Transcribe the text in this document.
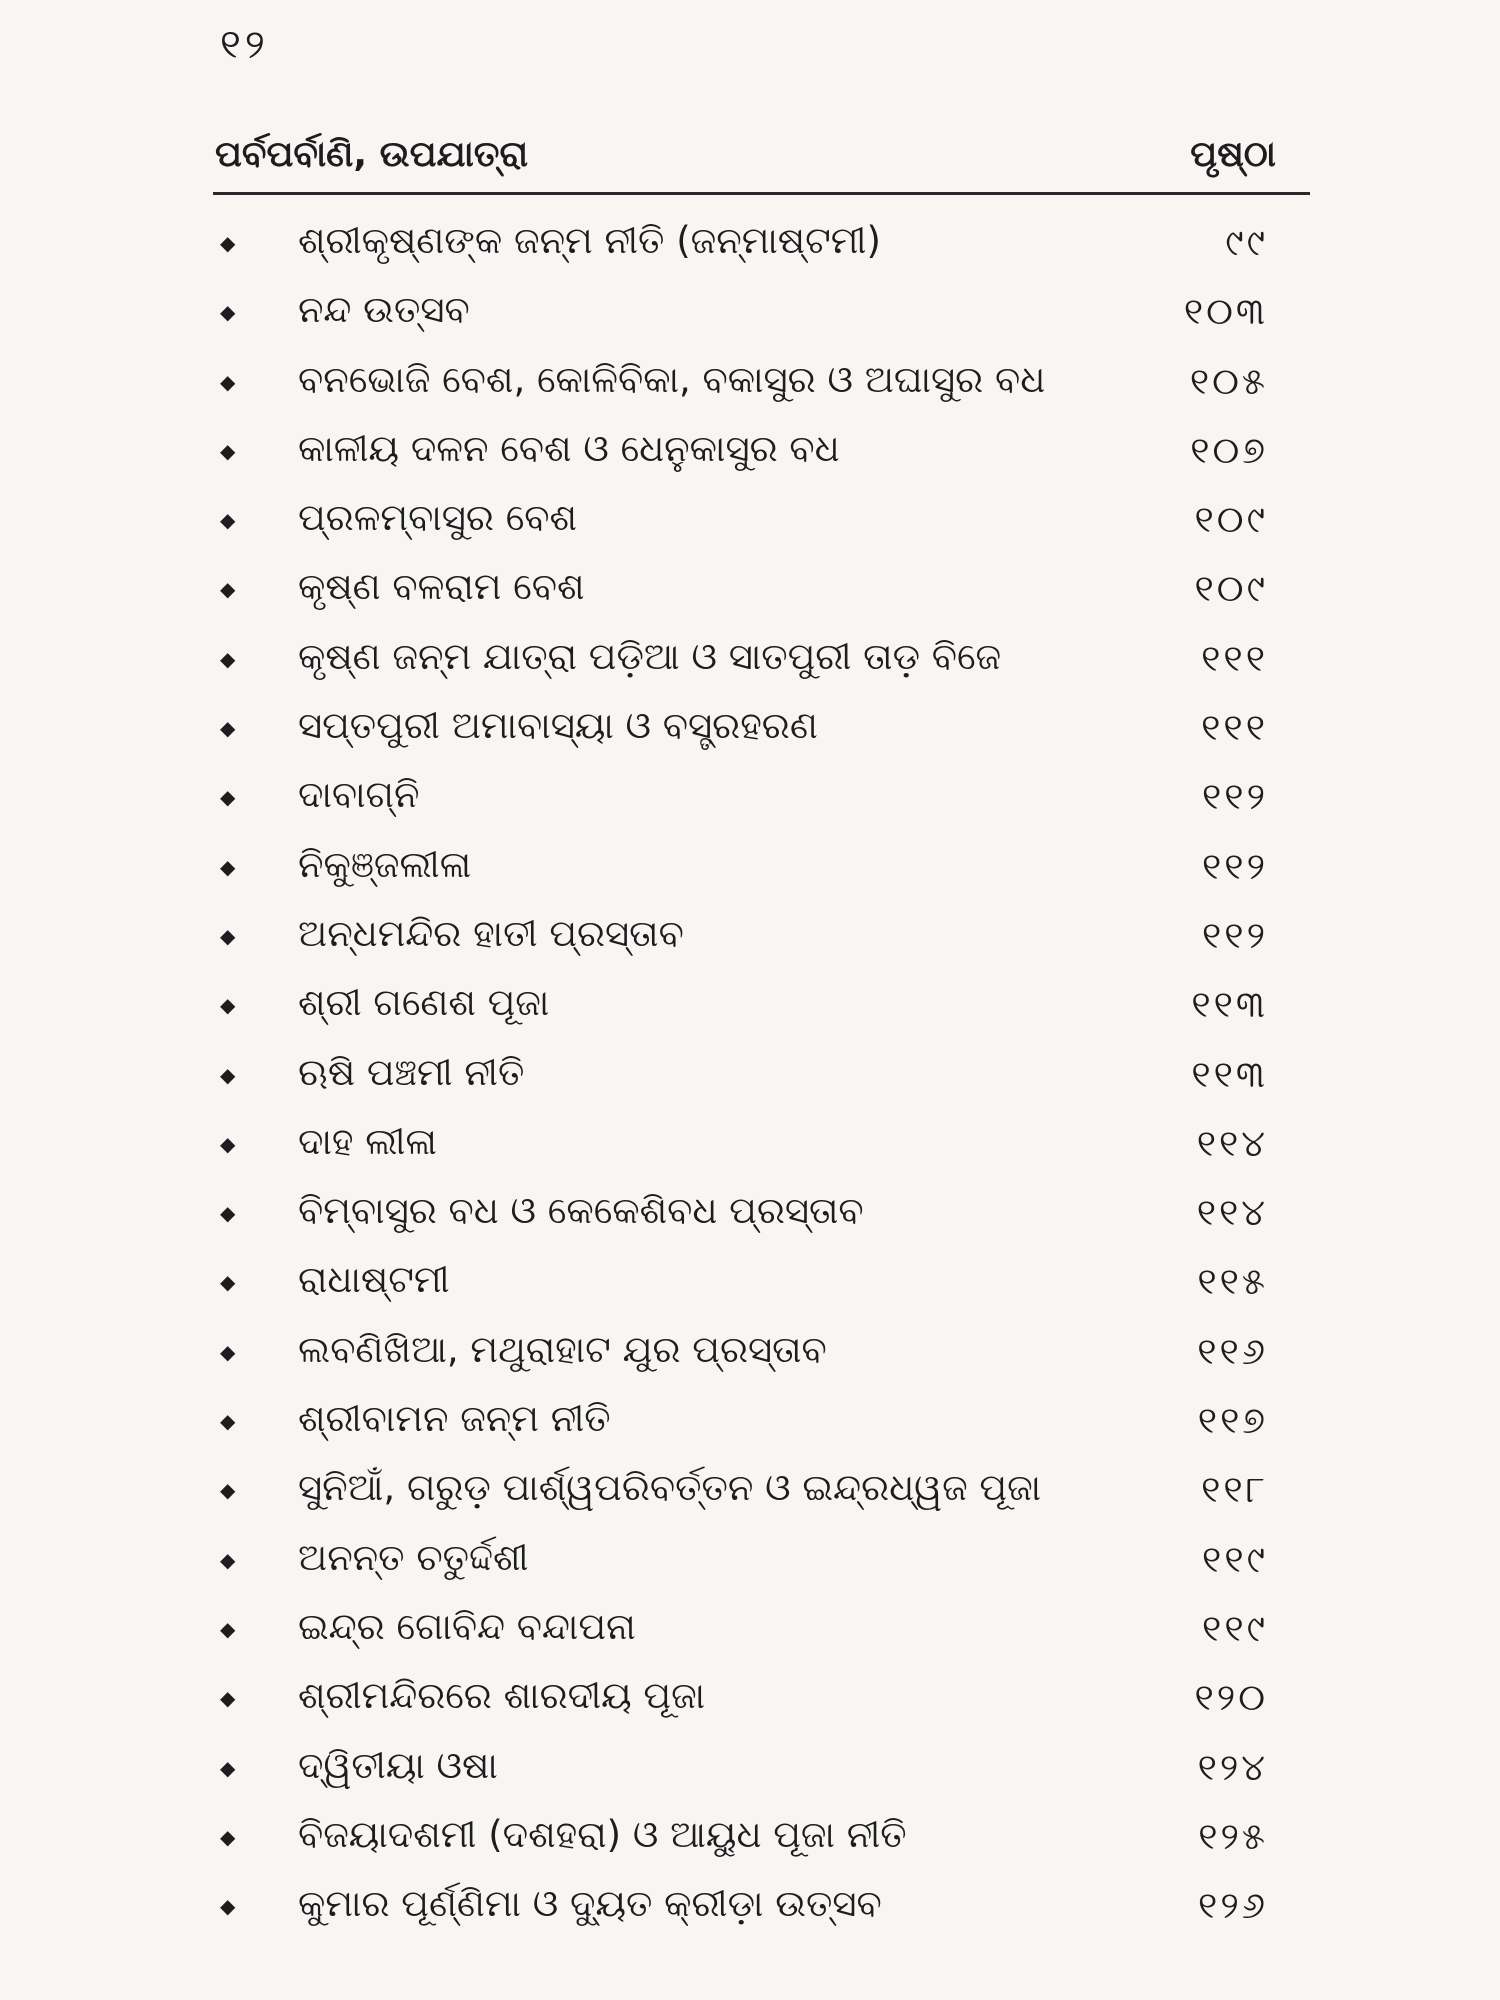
୧୨
ପର୍ବପର୍ବାଣି, ଉପଯାତ୍ରା	ପୃଷ୍ଠା
◆ ଶ୍ରୀକୃଷ୍ଣଙ୍କ ଜନ୍ମ ନୀତି (ଜନ୍ମାଷ୍ଟମୀ)	୯୯
◆ ନନ୍ଦ ଉତ୍ସବ	୧୦୩
◆ ବନଭୋଜି ବେଶ, କୋଳିବିକା, ବକାସୁର ଓ ଅଘାସୁର ବଧ	୧୦୫
◆ କାଳୀୟ ଦଳନ ବେଶ ଓ ଧେନୁକାସୁର ବଧ	୧୦୭
◆ ପ୍ରଳମ୍ବାସୁର ବେଶ	୧୦୯
◆ କୃଷ୍ଣ ବଳରାମ ବେଶ	୧୦୯
◆ କୃଷ୍ଣ ଜନ୍ମ ଯାତ୍ରା ପଡ଼ିଆ ଓ ସାତପୁରୀ ତାଡ଼ ବିଜେ	୧୧୧
◆ ସପ୍ତପୁରୀ ଅମାବାସ୍ୟା ଓ ବସ୍ତ୍ରହରଣ	୧୧୧
◆ ଦାବାଗ୍ନି	୧୧୨
◆ ନିକୁଞ୍ଜଲୀଳା	୧୧୨
◆ ଅନ୍ଧମନ୍ଦିର ହାତୀ ପ୍ରସ୍ତାବ	୧୧୨
◆ ଶ୍ରୀ ଗଣେଶ ପୂଜା	୧୧୩
◆ ଋଷି ପଞ୍ଚମୀ ନୀତି	୧୧୩
◆ ଦାହ ଲୀଳା	୧୧୪
◆ ବିମ୍ବାସୁର ବଧ ଓ କେକେଶିବଧ ପ୍ରସ୍ତାବ	୧୧୪
◆ ରାଧାଷ୍ଟମୀ	୧୧୫
◆ ଲବଣିଖିଆ, ମଥୁରାହାଟ ଯୁର ପ୍ରସ୍ତାବ	୧୧୬
◆ ଶ୍ରୀବାମନ ଜନ୍ମ ନୀତି	୧୧୭
◆ ସୁନିଆଁ, ଗରୁଡ଼ ପାର୍ଶ୍ୱପରିବର୍ତ୍ତନ ଓ ଇନ୍ଦ୍ରଧ୍ୱଜ ପୂଜା	୧୧୮
◆ ଅନନ୍ତ ଚତୁର୍ଦ୍ଦଶୀ	୧୧୯
◆ ଇନ୍ଦ୍ର ଗୋବିନ୍ଦ ବନ୍ଦାପନା	୧୧୯
◆ ଶ୍ରୀମନ୍ଦିରରେ ଶାରଦୀୟ ପୂଜା	୧୨୦
◆ ଦ୍ୱିତୀୟା ଓଷା	୧୨୪
◆ ବିଜୟାଦଶମୀ (ଦଶହରା) ଓ ଆୟୁଧ ପୂଜା ନୀତି	୧୨୫
◆ କୁମାର ପୂର୍ଣ୍ଣିମା ଓ ଦ୍ୟୁତ କ୍ରୀଡ଼ା ଉତ୍ସବ	୧୨୬
